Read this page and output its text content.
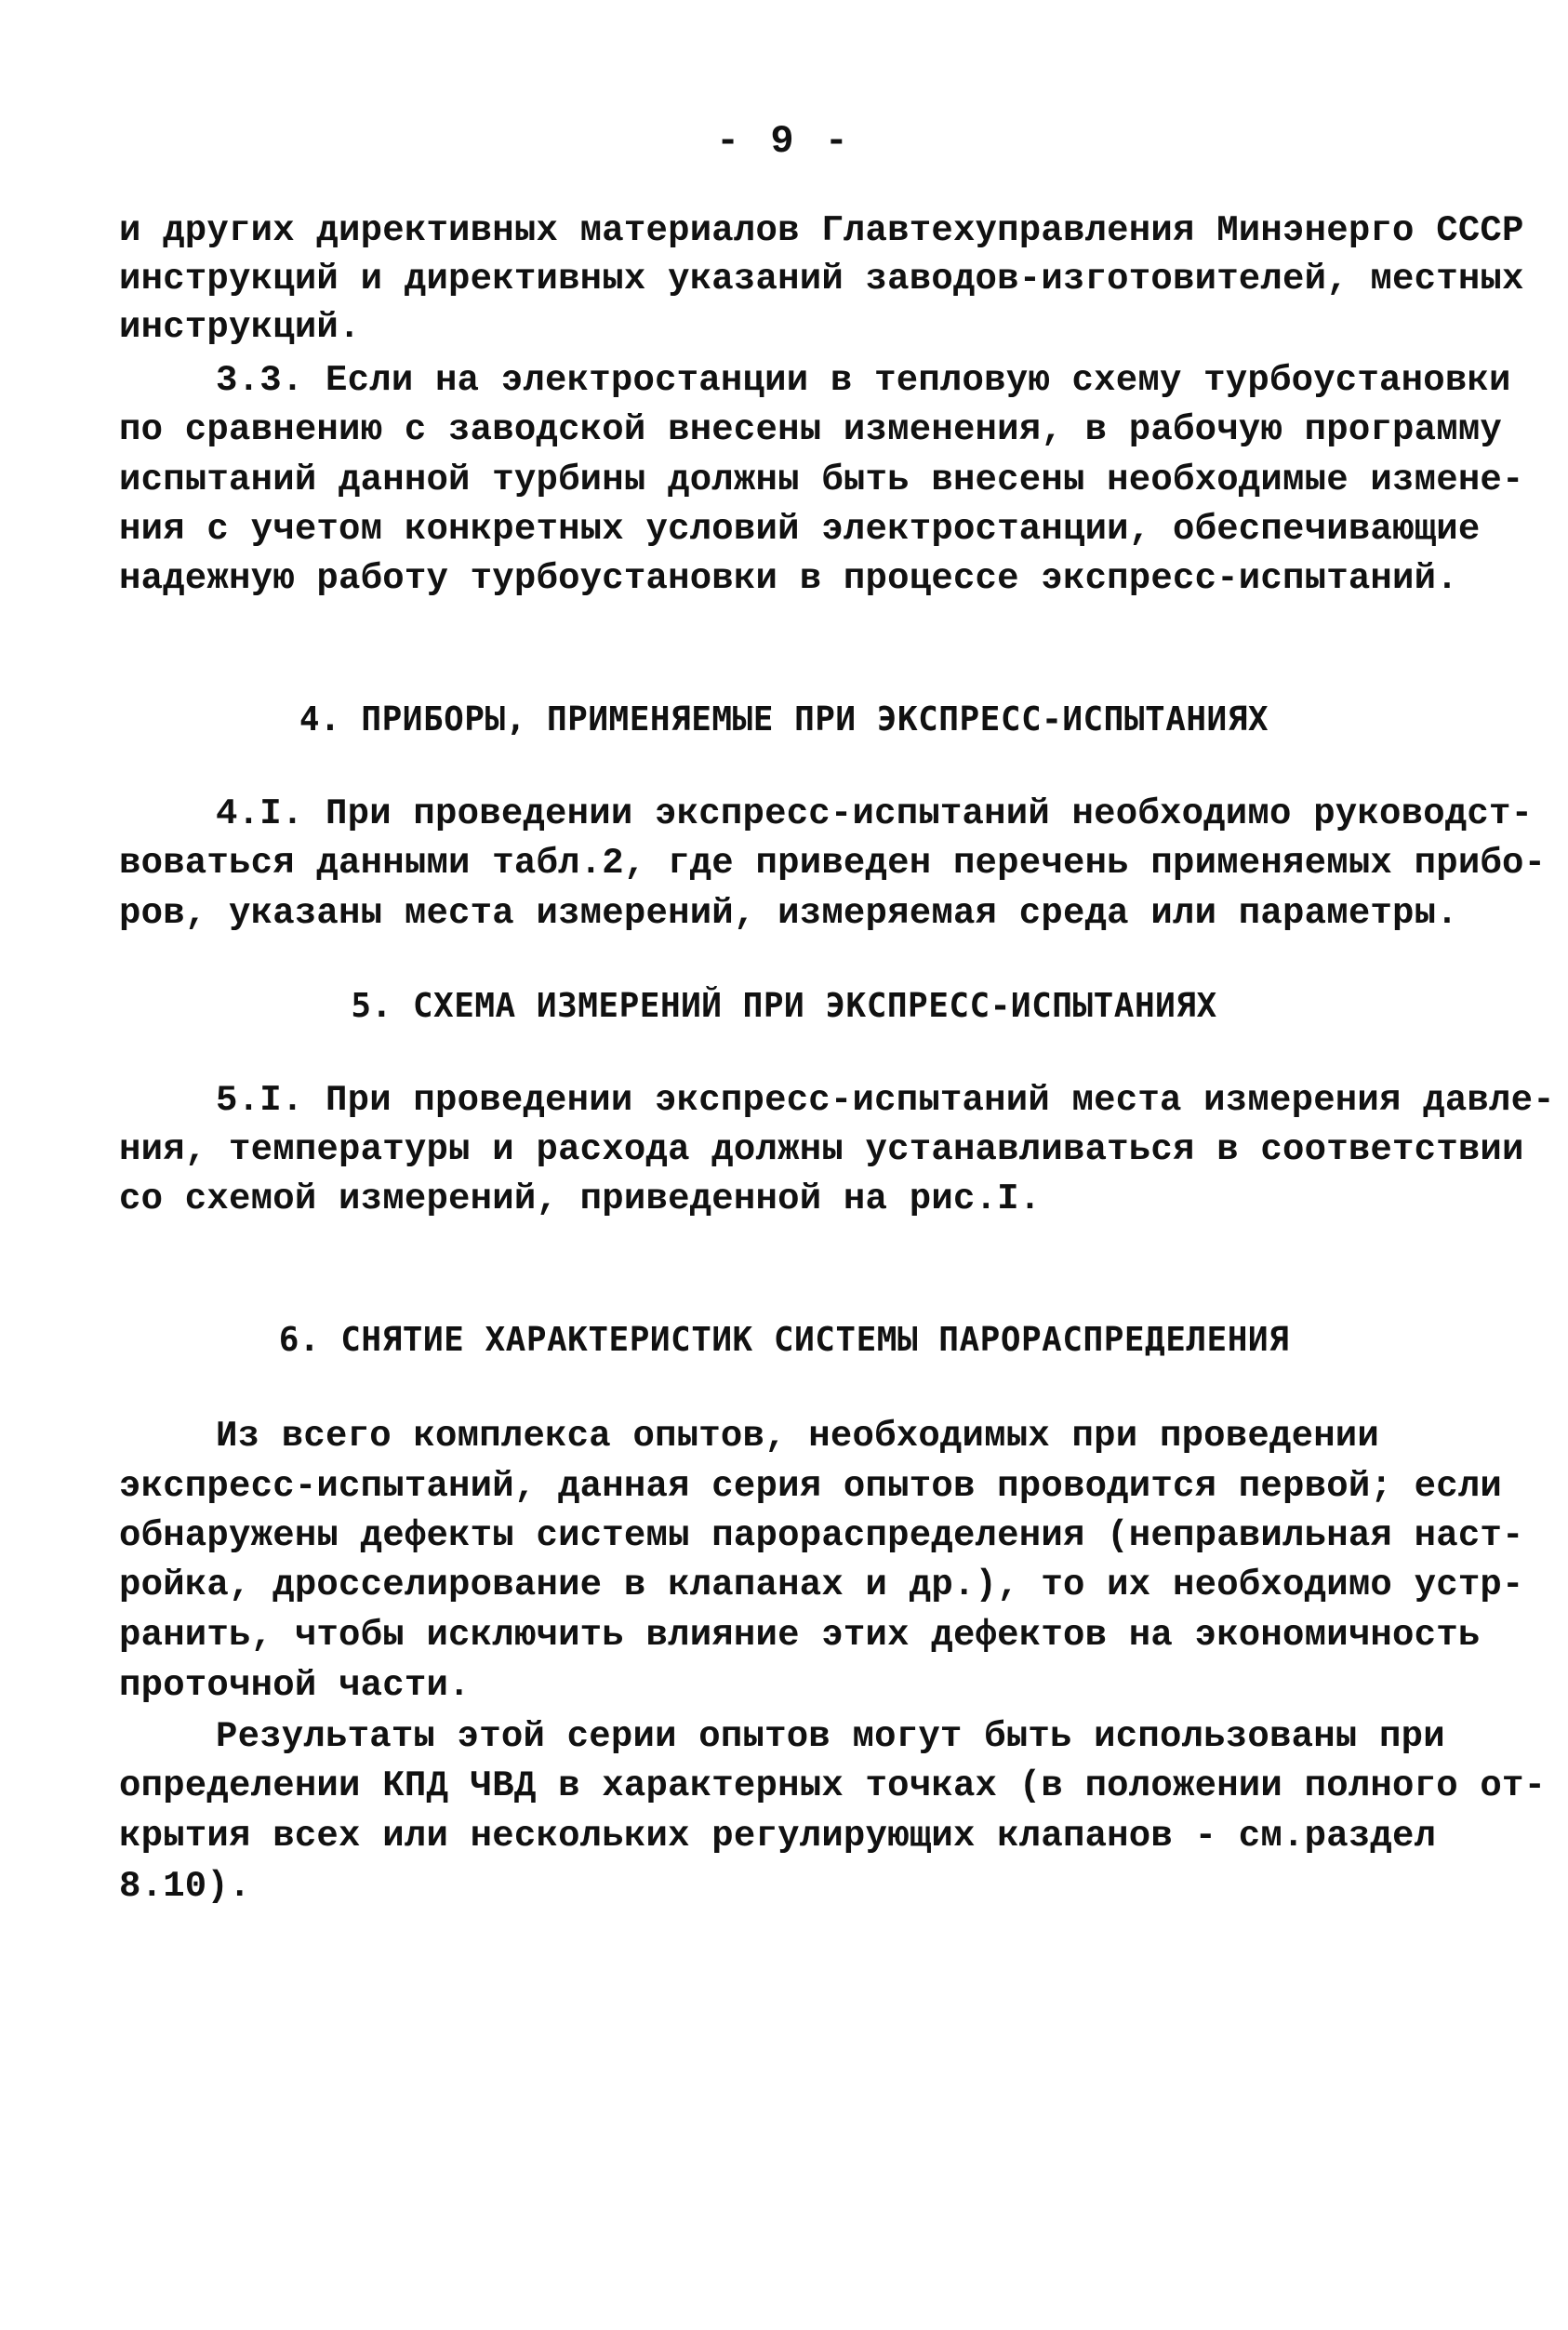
- 9 -
и других директивных материалов Главтехуправления Минэнерго СССР
инструкций и директивных указаний заводов-изготовителей, местных
инструкций.
3.3. Если на электростанции в тепловую схему турбоустановки
по сравнению с заводской внесены изменения, в рабочую программу
испытаний данной турбины должны быть внесены необходимые измене-
ния с учетом конкретных условий электростанции, обеспечивающие
надежную работу турбоустановки в процессе экспресс-испытаний.
4. ПРИБОРЫ, ПРИМЕНЯЕМЫЕ ПРИ ЭКСПРЕСС-ИСПЫТАНИЯХ
4.I. При проведении экспресс-испытаний необходимо руководст-
воваться данными табл.2, где приведен перечень применяемых прибо-
ров, указаны места измерений, измеряемая среда или параметры.
5. СХЕМА ИЗМЕРЕНИЙ ПРИ ЭКСПРЕСС-ИСПЫТАНИЯХ
5.I. При проведении экспресс-испытаний места измерения давле-
ния, температуры и расхода должны устанавливаться в соответствии
со схемой измерений, приведенной на рис.I.
6. СНЯТИЕ ХАРАКТЕРИСТИК СИСТЕМЫ ПАРОРАСПРЕДЕЛЕНИЯ
Из всего комплекса опытов, необходимых при проведении
экспресс-испытаний, данная серия опытов проводится первой; если
обнаружены дефекты системы парораспределения (неправильная наст-
ройка, дросселирование в клапанах и др.), то их необходимо устр-
ранить, чтобы исключить влияние этих дефектов на экономичность
проточной части.
Результаты этой серии опытов могут быть использованы при
определении КПД ЧВД в характерных точках (в положении полного от-
крытия всех или нескольких регулирующих клапанов - см.раздел
8.10).
